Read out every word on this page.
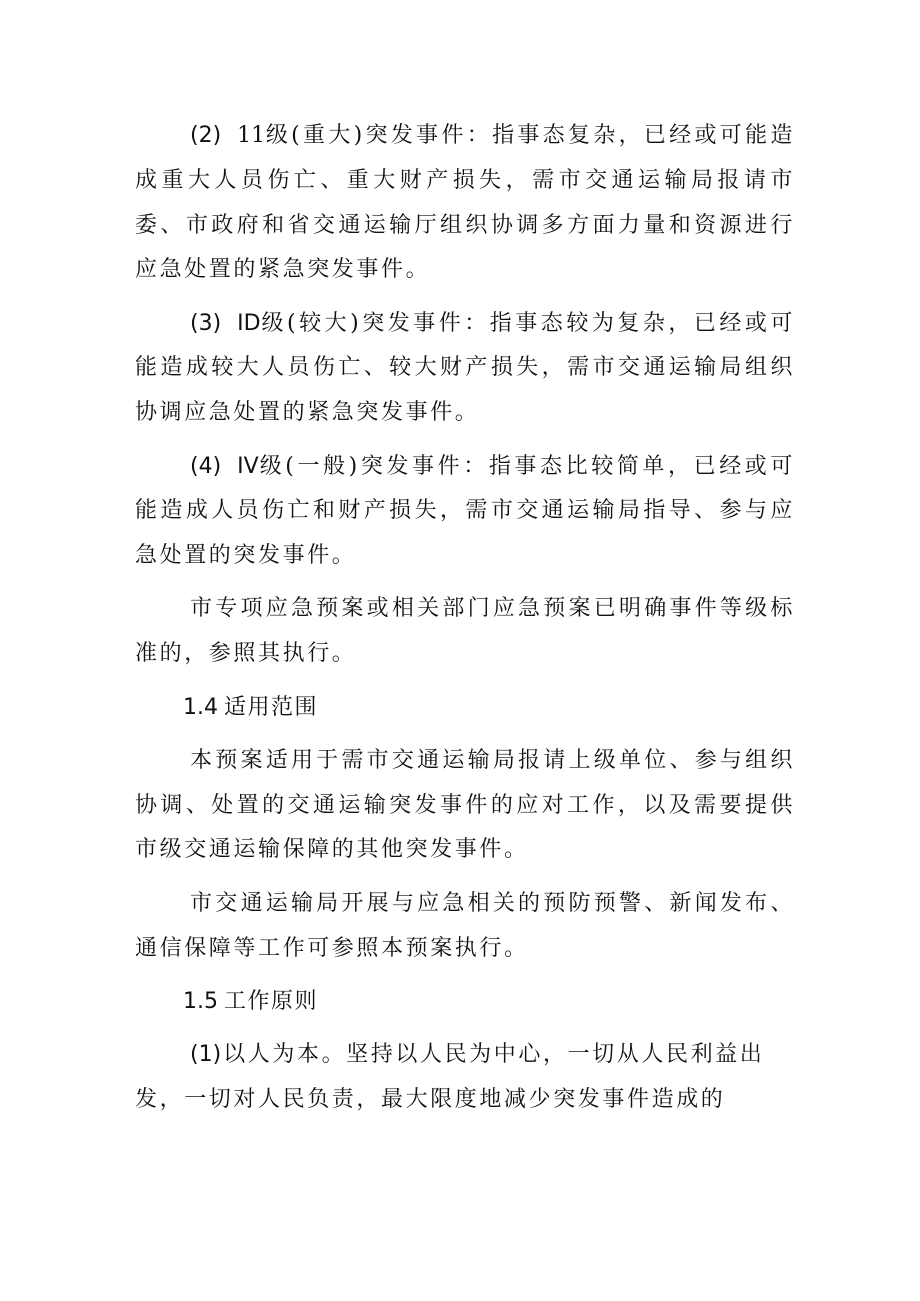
(2) 11级(重大)突发事件：指事态复杂，已经或可能造成重大人员伤亡、重大财产损失，需市交通运输局报请市委、市政府和省交通运输厅组织协调多方面力量和资源进行应急处置的紧急突发事件。

(3) ID级(较大)突发事件：指事态较为复杂，已经或可能造成较大人员伤亡、较大财产损失，需市交通运输局组织协调应急处置的紧急突发事件。

(4) IV级(一般)突发事件：指事态比较简单，已经或可能造成人员伤亡和财产损失，需市交通运输局指导、参与应急处置的突发事件。

市专项应急预案或相关部门应急预案已明确事件等级标准的，参照其执行。

1.4 适用范围

本预案适用于需市交通运输局报请上级单位、参与组织协调、处置的交通运输突发事件的应对工作，以及需要提供市级交通运输保障的其他突发事件。

市交通运输局开展与应急相关的预防预警、新闻发布、通信保障等工作可参照本预案执行。

1.5 工作原则

(1)以人为本。坚持以人民为中心，一切从人民利益出发，一切对人民负责，最大限度地减少突发事件造成的
